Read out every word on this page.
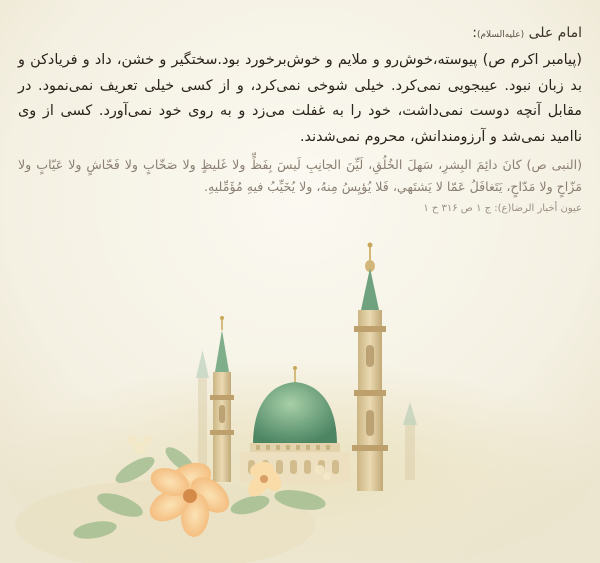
امام علی (علیه‌السلام):

(پیامبر اکرم ص) پیوسته،خوش‌رو و ملایم و خوش‌برخورد بود.سختگیر و خشن، داد و فریادکن و بد زبان نبود. عیبجویی نمی‌کرد. خیلی شوخی نمی‌کرد، و از کسی خیلی تعریف نمی‌نمود. در مقابل آنچه دوست نمی‌داشت، خود را به غفلت می‌زد و به روی خود نمی‌آورد. کسی از وی ناامید نمی‌شد و آرزومندانش، محروم نمی‌شدند.

(النبی ص) كانَ دائِمَ البِشرِ، سَهلَ الخُلُقِ، لَيِّنَ الجانِبِ لَيسَ بِفَظٍّ ولا غَليظٍ ولا صَخّابٍ ولا فَحّاشٍ ولا عَيّابٍ ولا مَزّاحٍ ولا مَدّاحٍ، يَتَغافَلُ عَمّا لا يَشتَهي، فَلا يُؤيِسُ مِنهُ، ولا يُخَيِّبُ فيهِ مُؤَمِّليهِ.

عیون أخبار الرضا(ع): ج ۱ ص ۳۱۶ ح ۱
